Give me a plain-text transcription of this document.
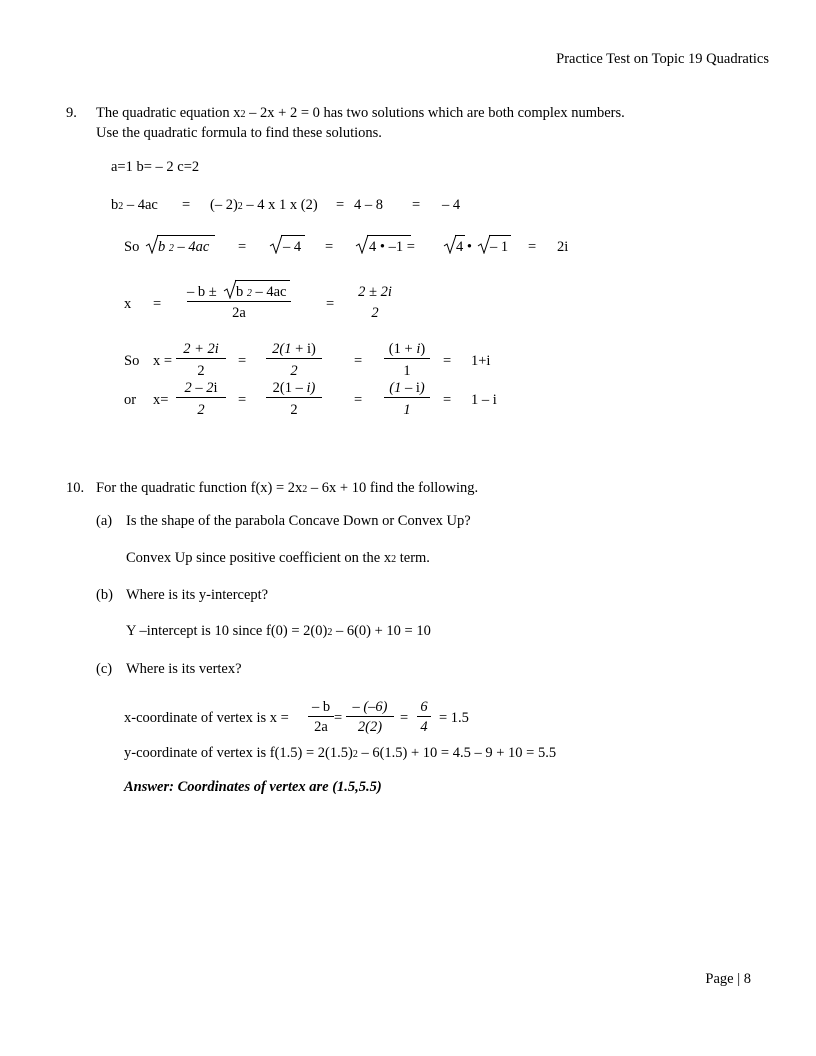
Practice Test on Topic 19 Quadratics
9. The quadratic equation x2 – 2x + 2 = 0 has two solutions which are both complex numbers.
Use the quadratic formula to find these solutions.
a=1 b= – 2 c=2
b2 – 4ac = (– 2)2 – 4 x 1 x (2) = 4 – 8 = – 4
So b 2 – 4ac =	– 4 = 4 • –1 =	4 • – 1 = 2i
x =
– b ± b 2 – 4ac
2a
=
2 ± 2i
2
So x =
2 + 2i
2
=
2(1 + i)
2
=
(1 + i)
1
= 1+i
or x=
2 – 2i
2
=
2(1 – i)
2
=
(1 – i)
1
= 1 – i
10. For the quadratic function f(x) = 2x2 – 6x + 10 find the following.
(a) Is the shape of the parabola Concave Down or Convex Up?
Convex Up since positive coefficient on the x2 term.
(b) Where is its y-intercept?
Y –intercept is 10 since f(0) = 2(0)2 – 6(0) + 10 = 10
(c) Where is its vertex?
x-coordinate of vertex is x =
– b
2a
=
– (–6)
2(2)
=
6
4
= 1.5
y-coordinate of vertex is f(1.5) = 2(1.5)2 – 6(1.5) + 10 = 4.5 – 9 + 10 = 5.5
Answer: Coordinates of vertex are (1.5,5.5)
Page | 8
